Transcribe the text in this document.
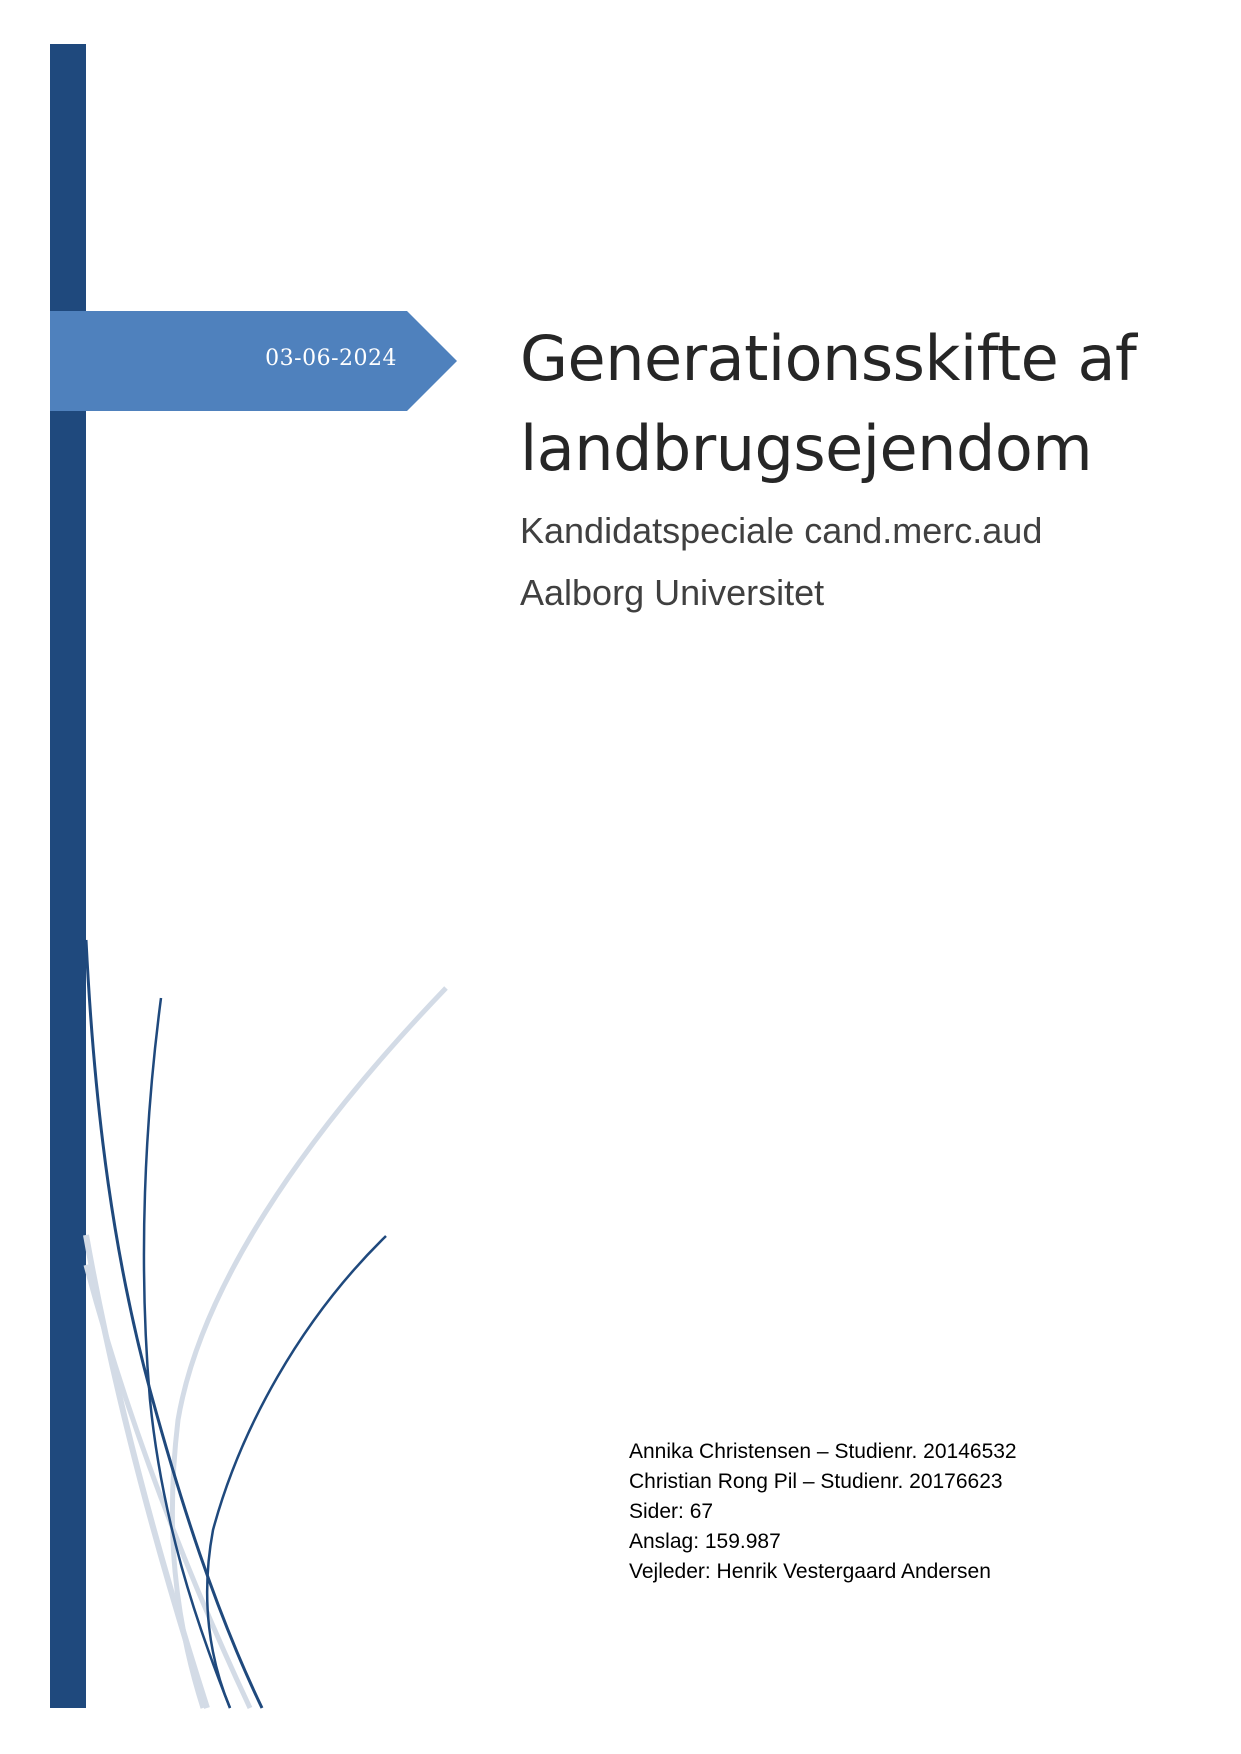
03-06-2024 Generationsskifte af
landbrugsejendom
Kandidatspeciale cand.merc.aud
Aalborg Universitet
Annika Christensen – Studienr. 20146532
Christian Rong Pil – Studienr. 20176623
Sider: 67
Anslag: 159.987
Vejleder: Henrik Vestergaard Andersen
